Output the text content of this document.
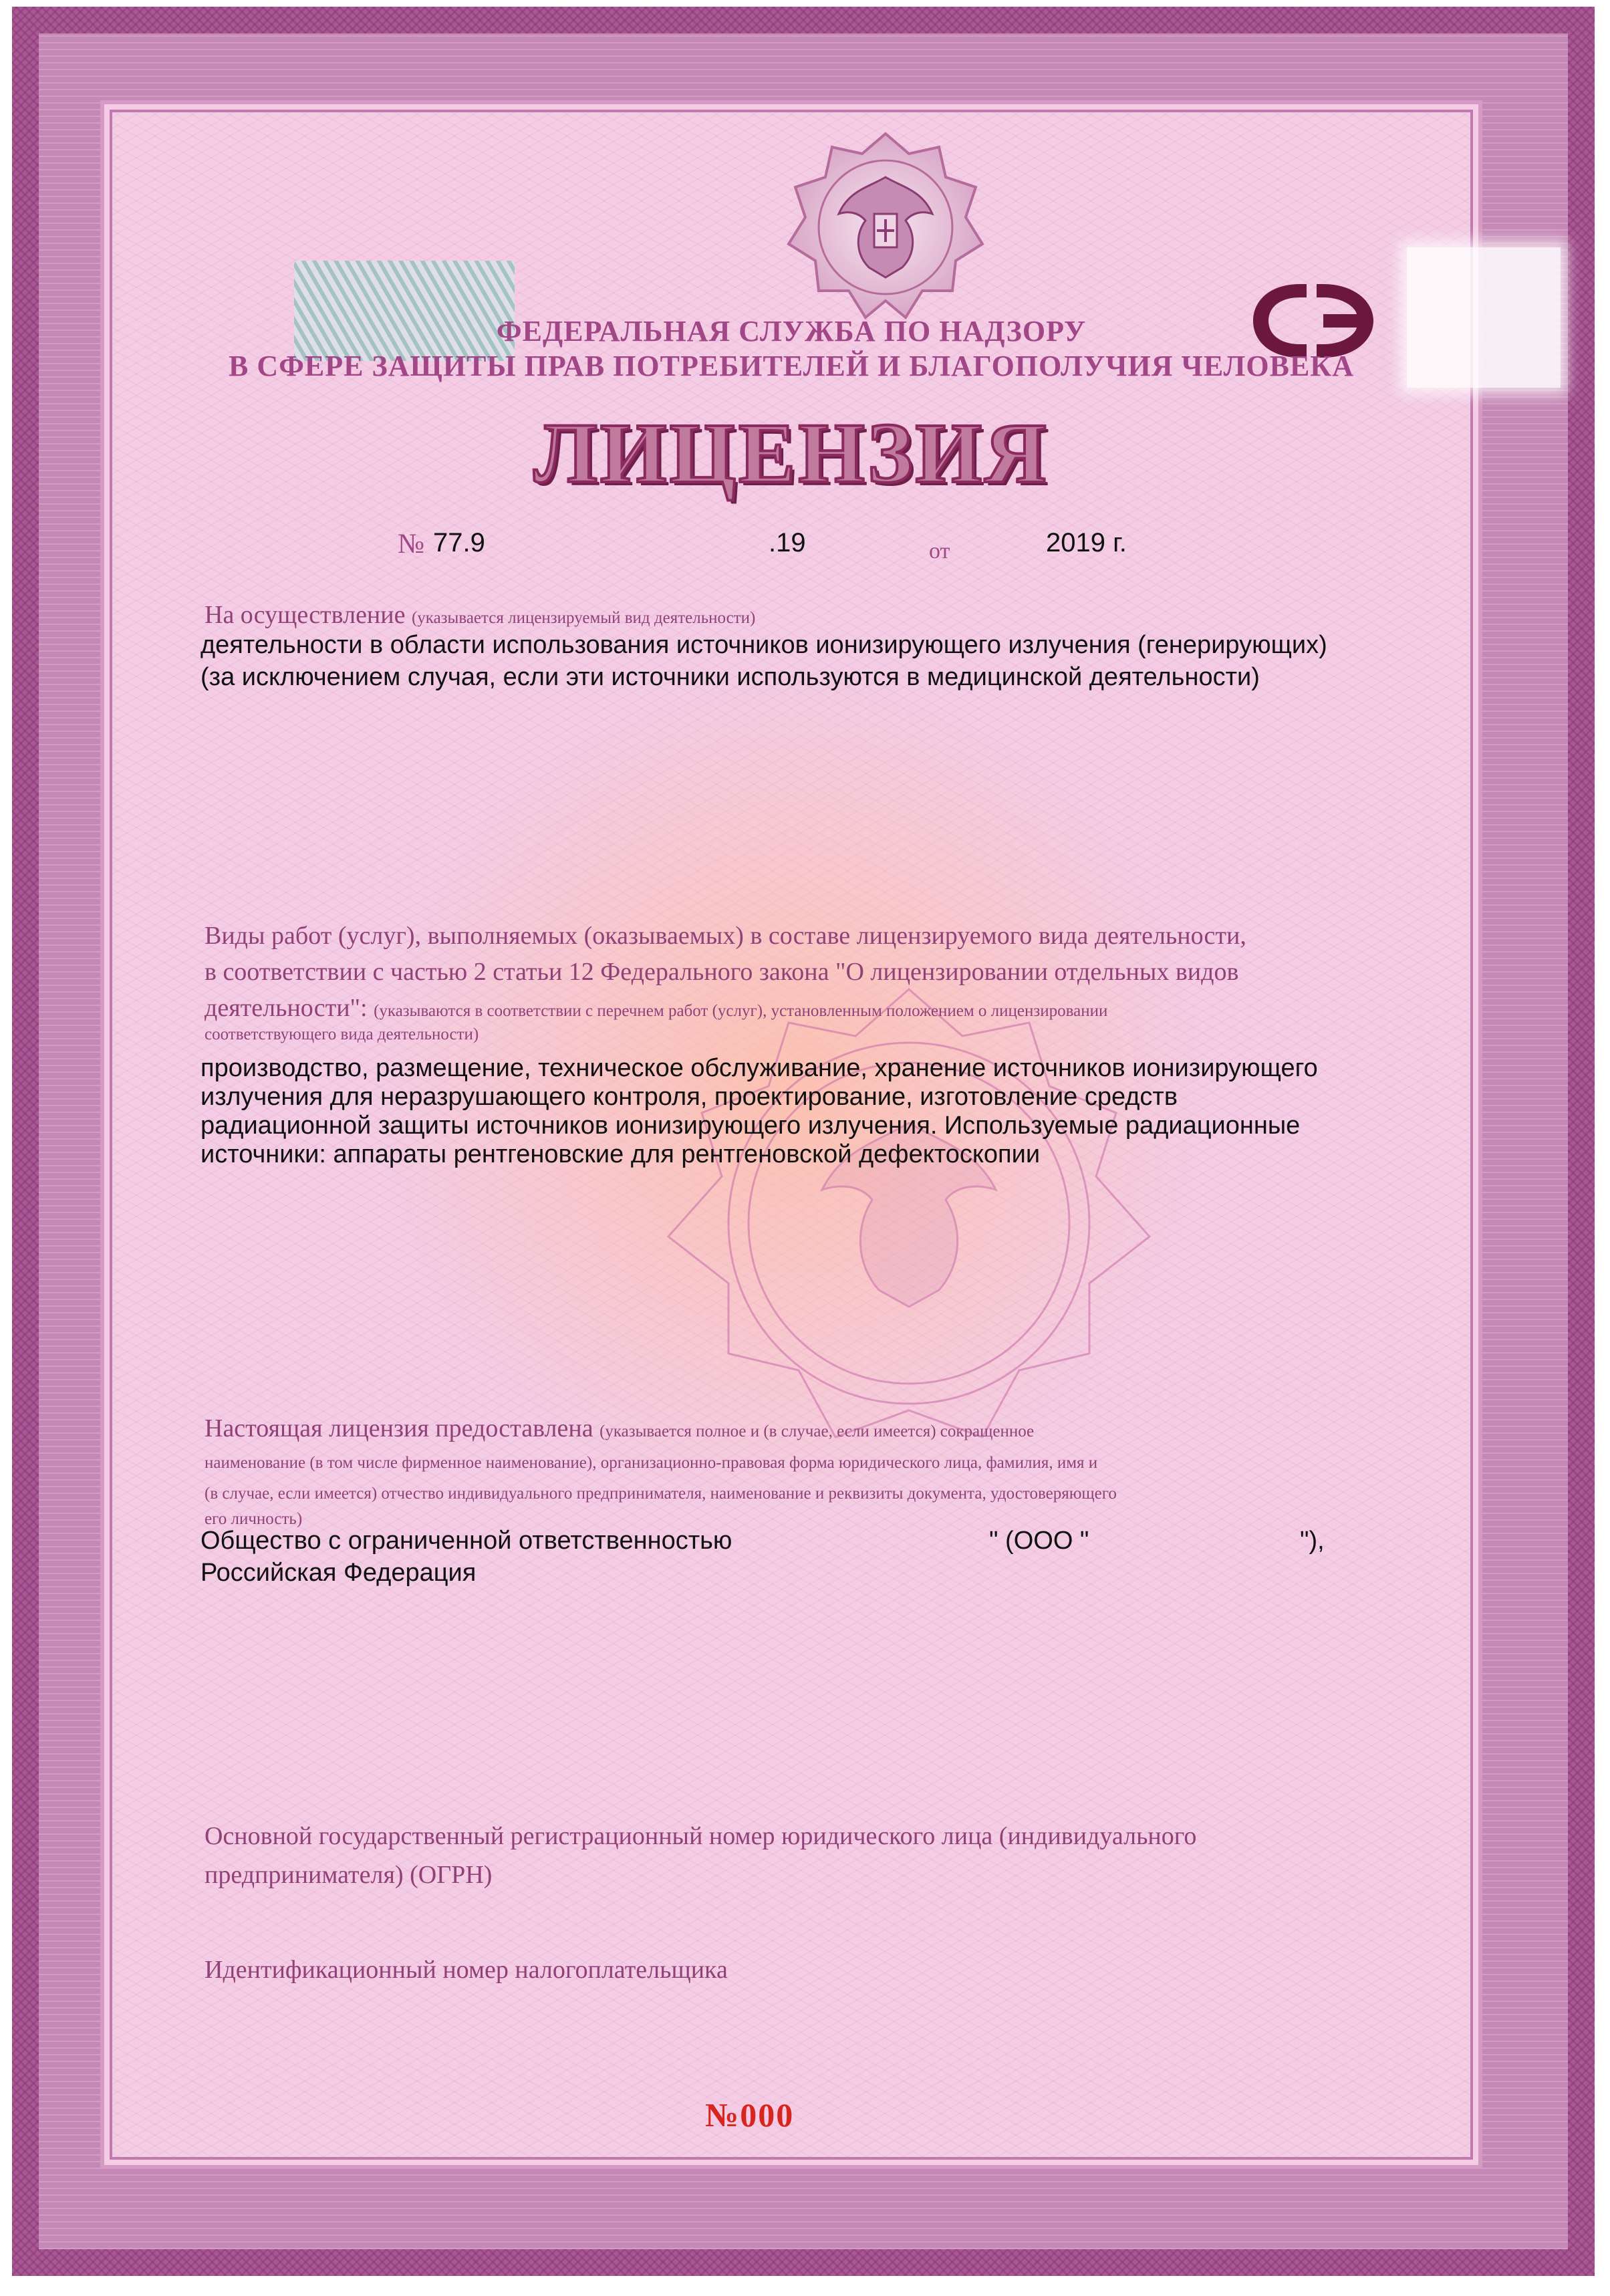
ФЕДЕРАЛЬНАЯ СЛУЖБА ПО НАДЗОРУ
В СФЕРЕ ЗАЩИТЫ ПРАВ ПОТРЕБИТЕЛЕЙ И БЛАГОПОЛУЧИЯ ЧЕЛОВЕКА
ЛИЦЕНЗИЯ
№ 77.9	.19	от	2019 г.
На осуществление (указывается лицензируемый вид деятельности)
деятельности в области использования источников ионизирующего излучения (генерирующих)
(за исключением случая, если эти источники используются в медицинской деятельности)
Виды работ (услуг), выполняемых (оказываемых) в составе лицензируемого вида деятельности,
в соответствии с частью 2 статьи 12 Федерального закона "О лицензировании отдельных видов
деятельности": (указываются в соответствии с перечнем работ (услуг), установленным положением о лицензировании
соответствующего вида деятельности)
производство, размещение, техническое обслуживание, хранение источников ионизирующего
излучения для неразрушающего контроля, проектирование, изготовление средств
радиационной защиты источников ионизирующего излучения. Используемые радиационные
источники: аппараты рентгеновские для рентгеновской дефектоскопии
Настоящая лицензия предоставлена (указывается полное и (в случае, если имеется) сокращенное
наименование (в том числе фирменное наименование), организационно-правовая форма юридического лица, фамилия, имя и
(в случае, если имеется) отчество индивидуального предпринимателя, наименование и реквизиты документа, удостоверяющего
его личность)
Общество с ограниченной ответственностью	" (ООО "	"),
Российская Федерация
Основной государственный регистрационный номер юридического лица (индивидуального
предпринимателя) (ОГРН)
Идентификационный номер налогоплательщика
№000
